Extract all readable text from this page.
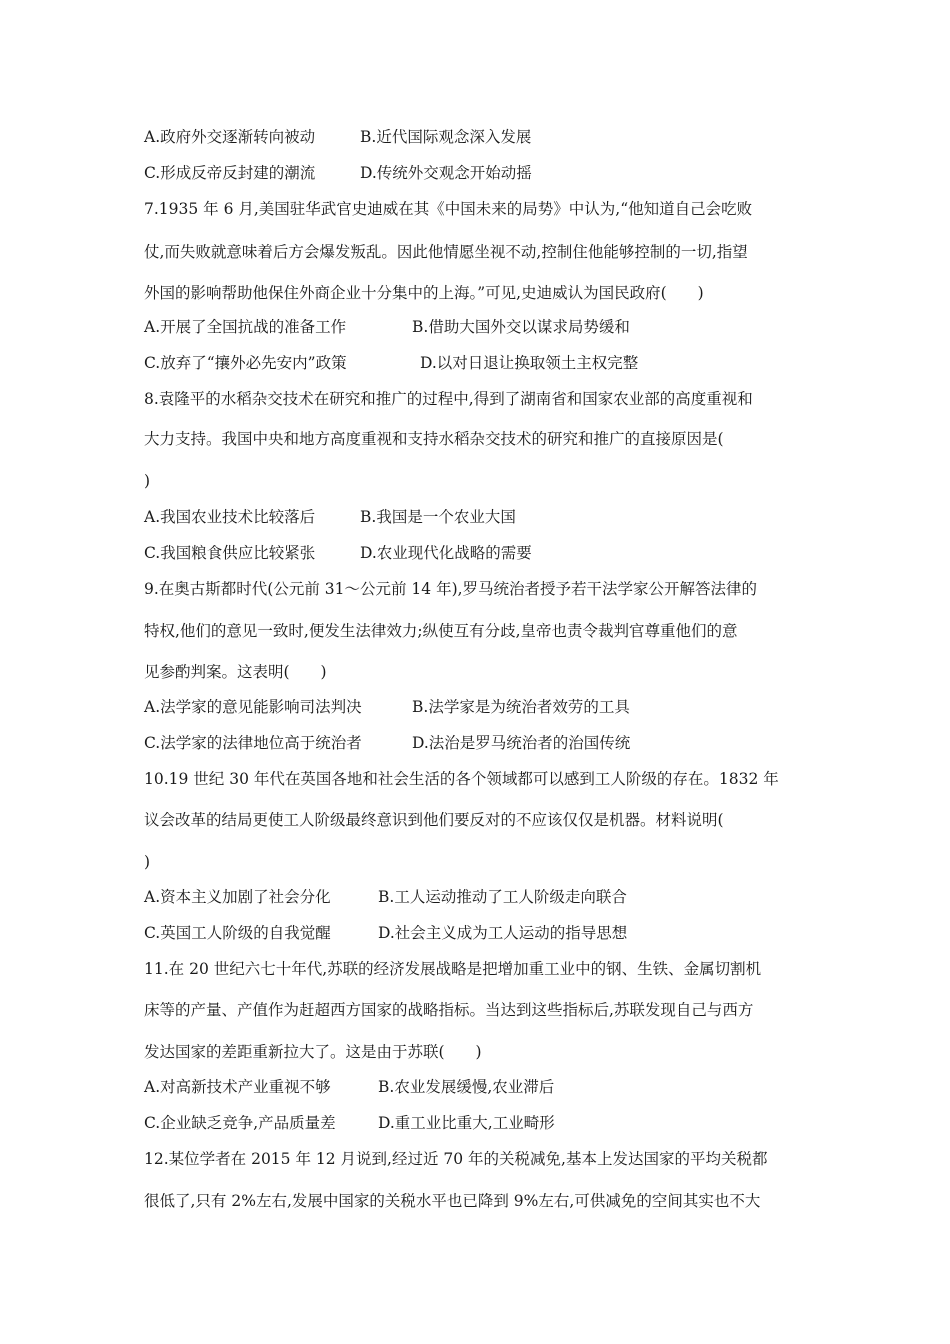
A.政府外交逐渐转向被动	B.近代国际观念深入发展
C.形成反帝反封建的潮流	D.传统外交观念开始动摇
7.1935 年 6 月,美国驻华武官史迪威在其《中国未来的局势》中认为,“他知道自己会吃败
仗,而失败就意味着后方会爆发叛乱。因此他情愿坐视不动,控制住他能够控制的一切,指望
外国的影响帮助他保住外商企业十分集中的上海。”可见,史迪威认为国民政府(　　)
A.开展了全国抗战的准备工作	B.借助大国外交以谋求局势缓和
C.放弃了“攘外必先安内”政策	D.以对日退让换取领土主权完整
8.袁隆平的水稻杂交技术在研究和推广的过程中,得到了湖南省和国家农业部的高度重视和
大力支持。我国中央和地方高度重视和支持水稻杂交技术的研究和推广的直接原因是(
)
A.我国农业技术比较落后	B.我国是一个农业大国
C.我国粮食供应比较紧张	D.农业现代化战略的需要
9.在奥古斯都时代(公元前 31～公元前 14 年),罗马统治者授予若干法学家公开解答法律的
特权,他们的意见一致时,便发生法律效力;纵使互有分歧,皇帝也责令裁判官尊重他们的意
见参酌判案。这表明(　　)
A.法学家的意见能影响司法判决	B.法学家是为统治者效劳的工具
C.法学家的法律地位高于统治者	D.法治是罗马统治者的治国传统
10.19 世纪 30 年代在英国各地和社会生活的各个领域都可以感到工人阶级的存在。1832 年
议会改革的结局更使工人阶级最终意识到他们要反对的不应该仅仅是机器。材料说明(
)
A.资本主义加剧了社会分化	B.工人运动推动了工人阶级走向联合
C.英国工人阶级的自我觉醒	D.社会主义成为工人运动的指导思想
11.在 20 世纪六七十年代,苏联的经济发展战略是把增加重工业中的钢、生铁、金属切割机
床等的产量、产值作为赶超西方国家的战略指标。当达到这些指标后,苏联发现自己与西方
发达国家的差距重新拉大了。这是由于苏联(　　)
A.对高新技术产业重视不够	B.农业发展缓慢,农业滞后
C.企业缺乏竞争,产品质量差	D.重工业比重大,工业畸形
12.某位学者在 2015 年 12 月说到,经过近 70 年的关税减免,基本上发达国家的平均关税都
很低了,只有 2%左右,发展中国家的关税水平也已降到 9%左右,可供减免的空间其实也不大
